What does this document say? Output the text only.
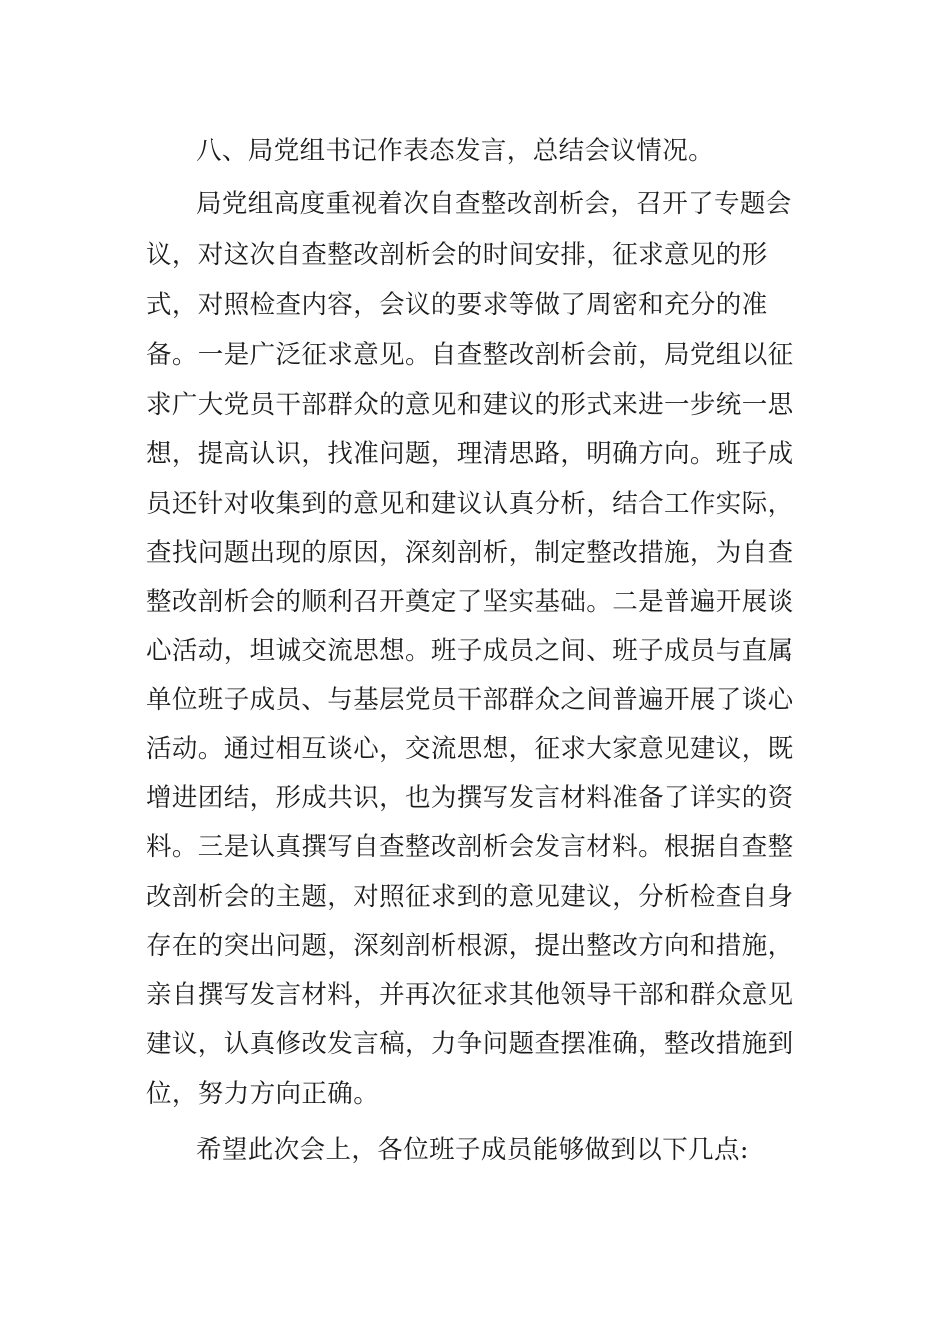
八、局党组书记作表态发言，总结会议情况。
局党组高度重视着次自查整改剖析会，召开了专题会
议，对这次自查整改剖析会的时间安排，征求意见的形
式，对照检查内容，会议的要求等做了周密和充分的准
备。一是广泛征求意见。自查整改剖析会前，局党组以征
求广大党员干部群众的意见和建议的形式来进一步统一思
想，提高认识，找准问题，理清思路，明确方向。班子成
员还针对收集到的意见和建议认真分析，结合工作实际，
查找问题出现的原因，深刻剖析，制定整改措施，为自查
整改剖析会的顺利召开奠定了坚实基础。二是普遍开展谈
心活动，坦诚交流思想。班子成员之间、班子成员与直属
单位班子成员、与基层党员干部群众之间普遍开展了谈心
活动。通过相互谈心，交流思想，征求大家意见建议，既
增进团结，形成共识，也为撰写发言材料准备了详实的资
料。三是认真撰写自查整改剖析会发言材料。根据自查整
改剖析会的主题，对照征求到的意见建议，分析检查自身
存在的突出问题，深刻剖析根源，提出整改方向和措施，
亲自撰写发言材料，并再次征求其他领导干部和群众意见
建议，认真修改发言稿，力争问题查摆准确，整改措施到
位，努力方向正确。
希望此次会上，各位班子成员能够做到以下几点:
